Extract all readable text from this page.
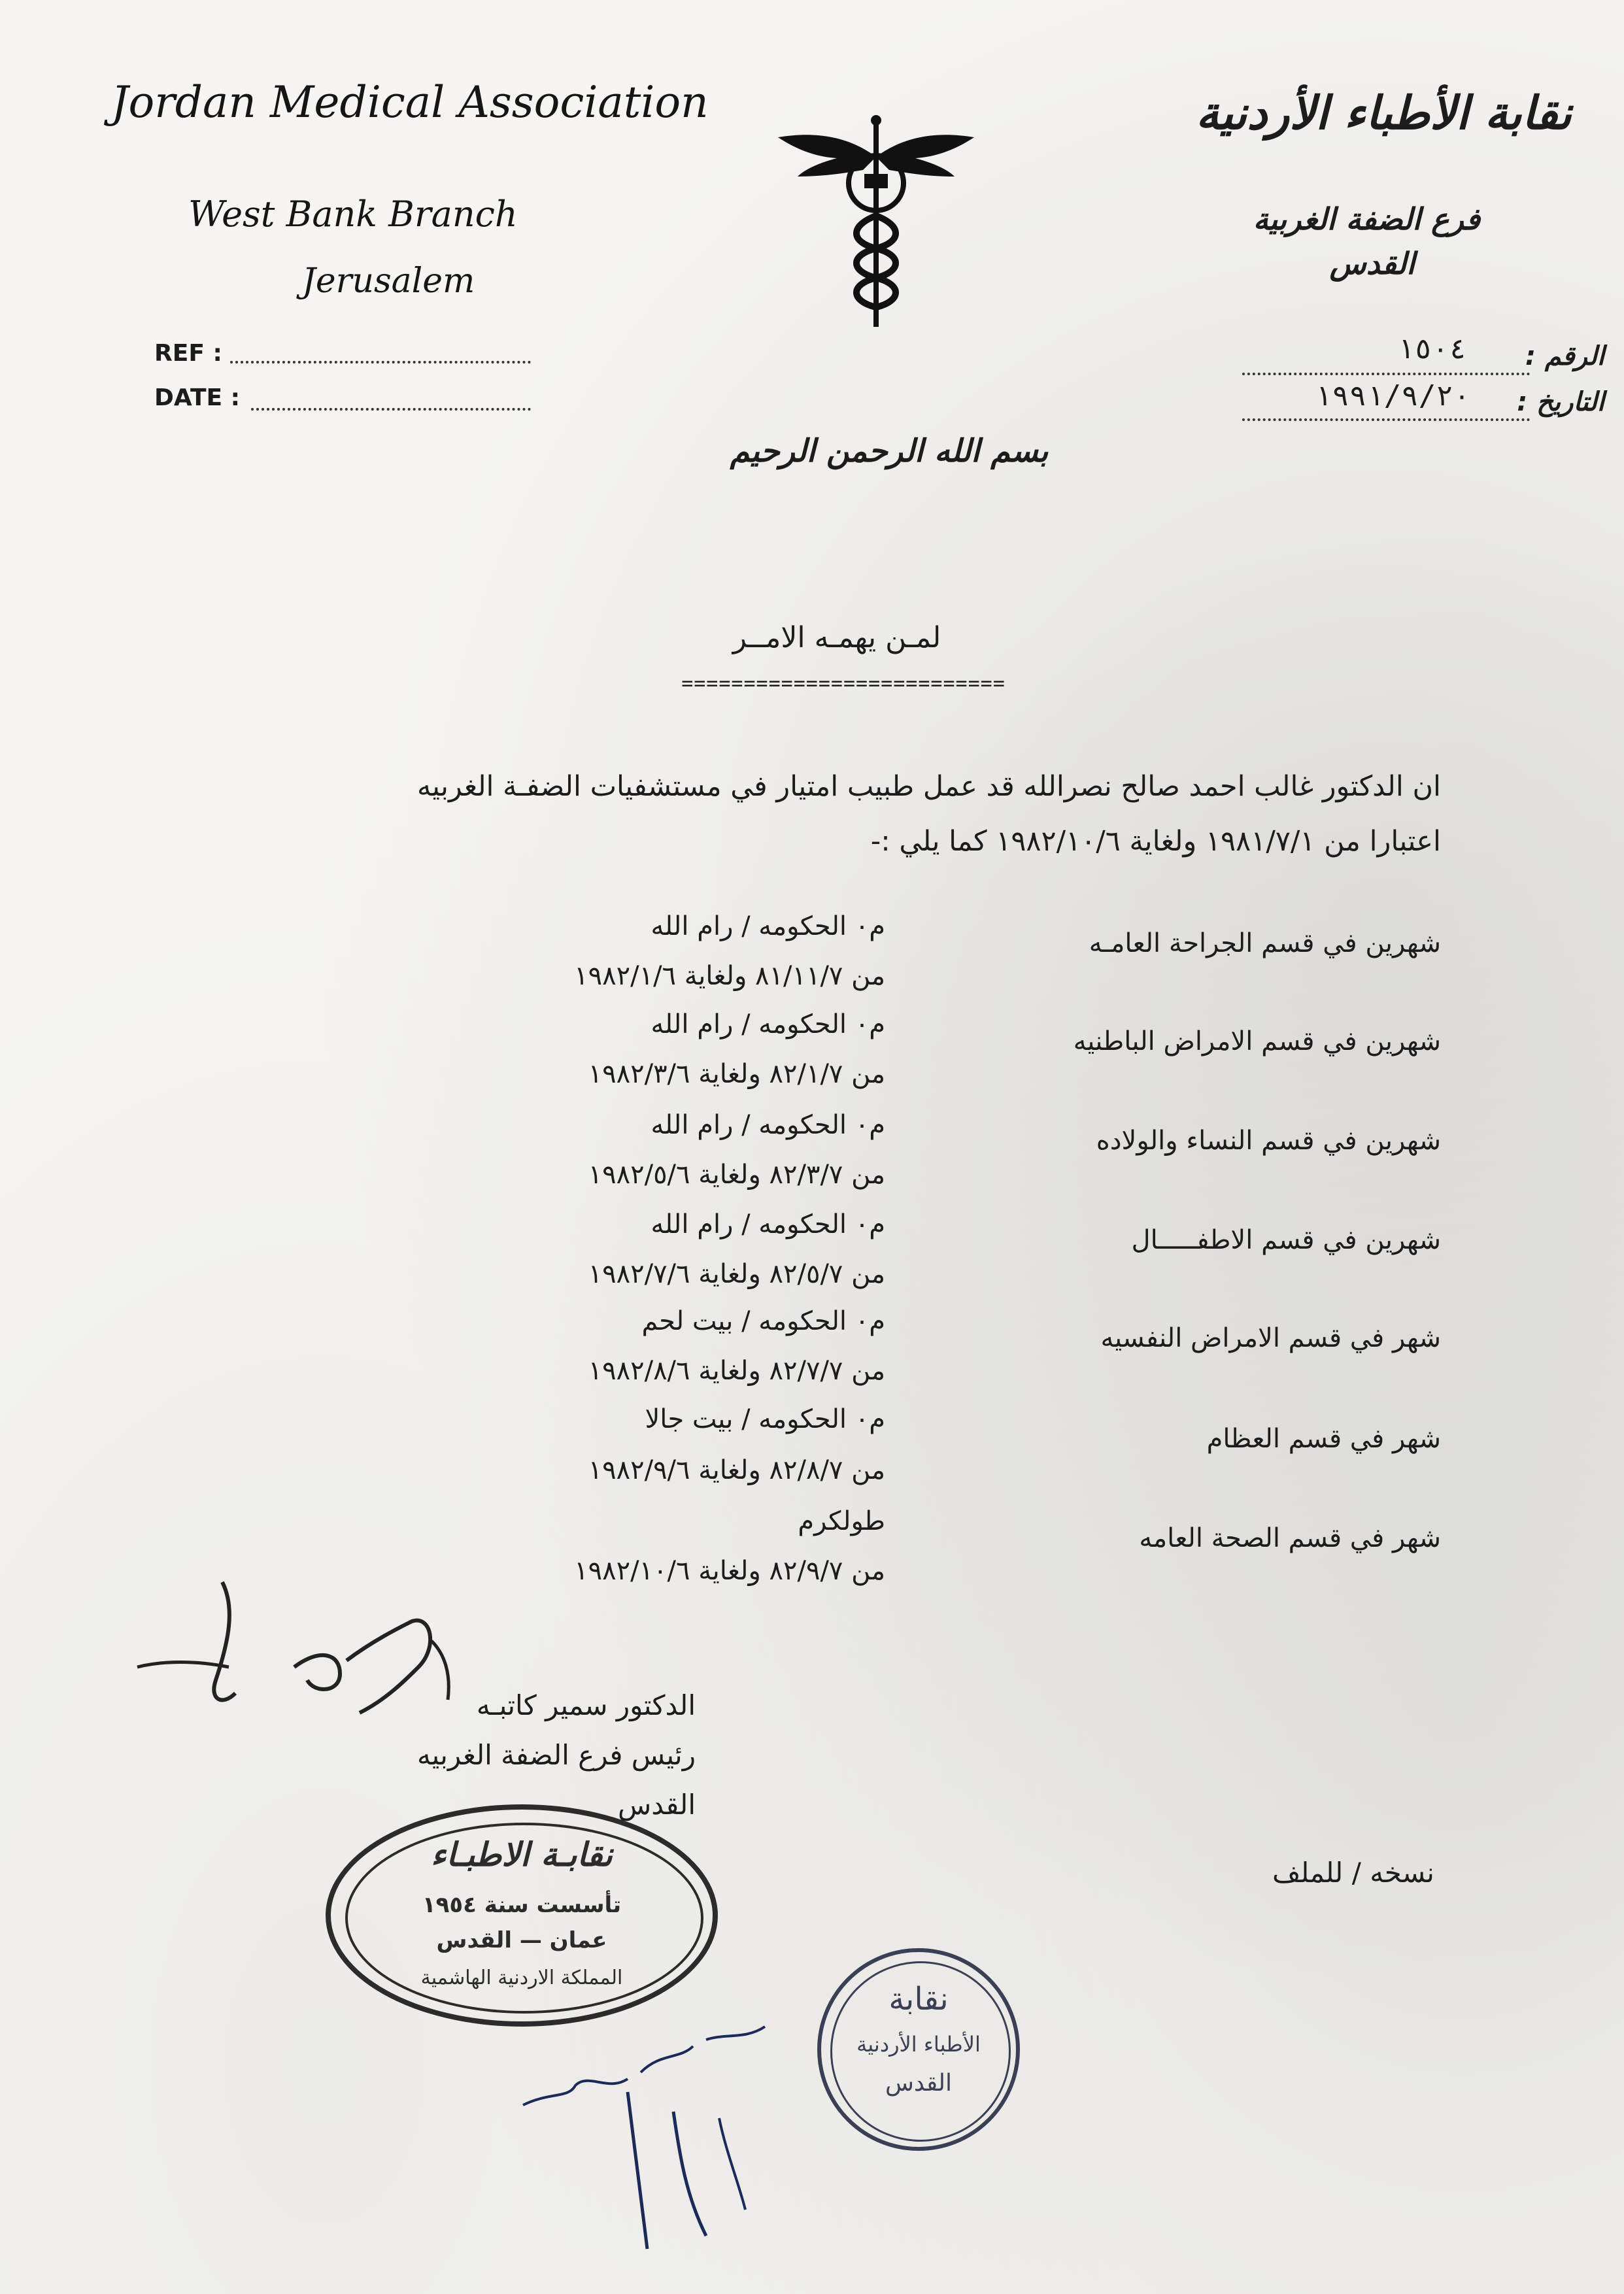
Jordan Medical Association
West Bank Branch
Jerusalem
REF :
DATE :
نقابة الأطباء الأردنية
فرع الضفة الغربية
القدس
الرقم :
١٥٠٤
التاريخ :
١٩٩١/٩/٢٠
بسم الله الرحمن الرحيم
لمـن يهمـه الامــر
==========================
ان الدكتور غالب احمد صالح نصرالله قد عمل طبيب امتيار في مستشفيات الضفـة الغربيه
اعتبارا من ١٩٨١/٧/١ ولغاية ١٩٨٢/١٠/٦ كما يلي :-
شهرين في قسم الجراحة العامـه
م٠ الحكومه / رام الله
من ٨١/١١/٧ ولغاية ١٩٨٢/١/٦
شهرين في قسم الامراض الباطنيه
م٠ الحكومه / رام الله
من ٨٢/١/٧ ولغاية ١٩٨٢/٣/٦
شهرين في قسم النساء والولاده
م٠ الحكومه / رام الله
من ٨٢/٣/٧ ولغاية ١٩٨٢/٥/٦
شهرين في قسم الاطفـــــال
م٠ الحكومه / رام الله
من ٨٢/٥/٧ ولغاية ١٩٨٢/٧/٦
شهر في قسم الامراض النفسيه
م٠ الحكومه / بيت لحم
من ٨٢/٧/٧ ولغاية ١٩٨٢/٨/٦
شهر في قسم العظام
م٠ الحكومه / بيت جالا
من ٨٢/٨/٧ ولغاية ١٩٨٢/٩/٦
شهر في قسم الصحة العامه
طولكرم
من ٨٢/٩/٧ ولغاية ١٩٨٢/١٠/٦
الدكتور سمير كاتبـه
رئيس فرع الضفة الغربيه
القدس
نقابـة الاطبـاء
تأسست سنة ١٩٥٤
عمان — القدس
المملكة الاردنية الهاشمية
نسخه / للملف
نقابة
الأطباء الأردنية
القدس
